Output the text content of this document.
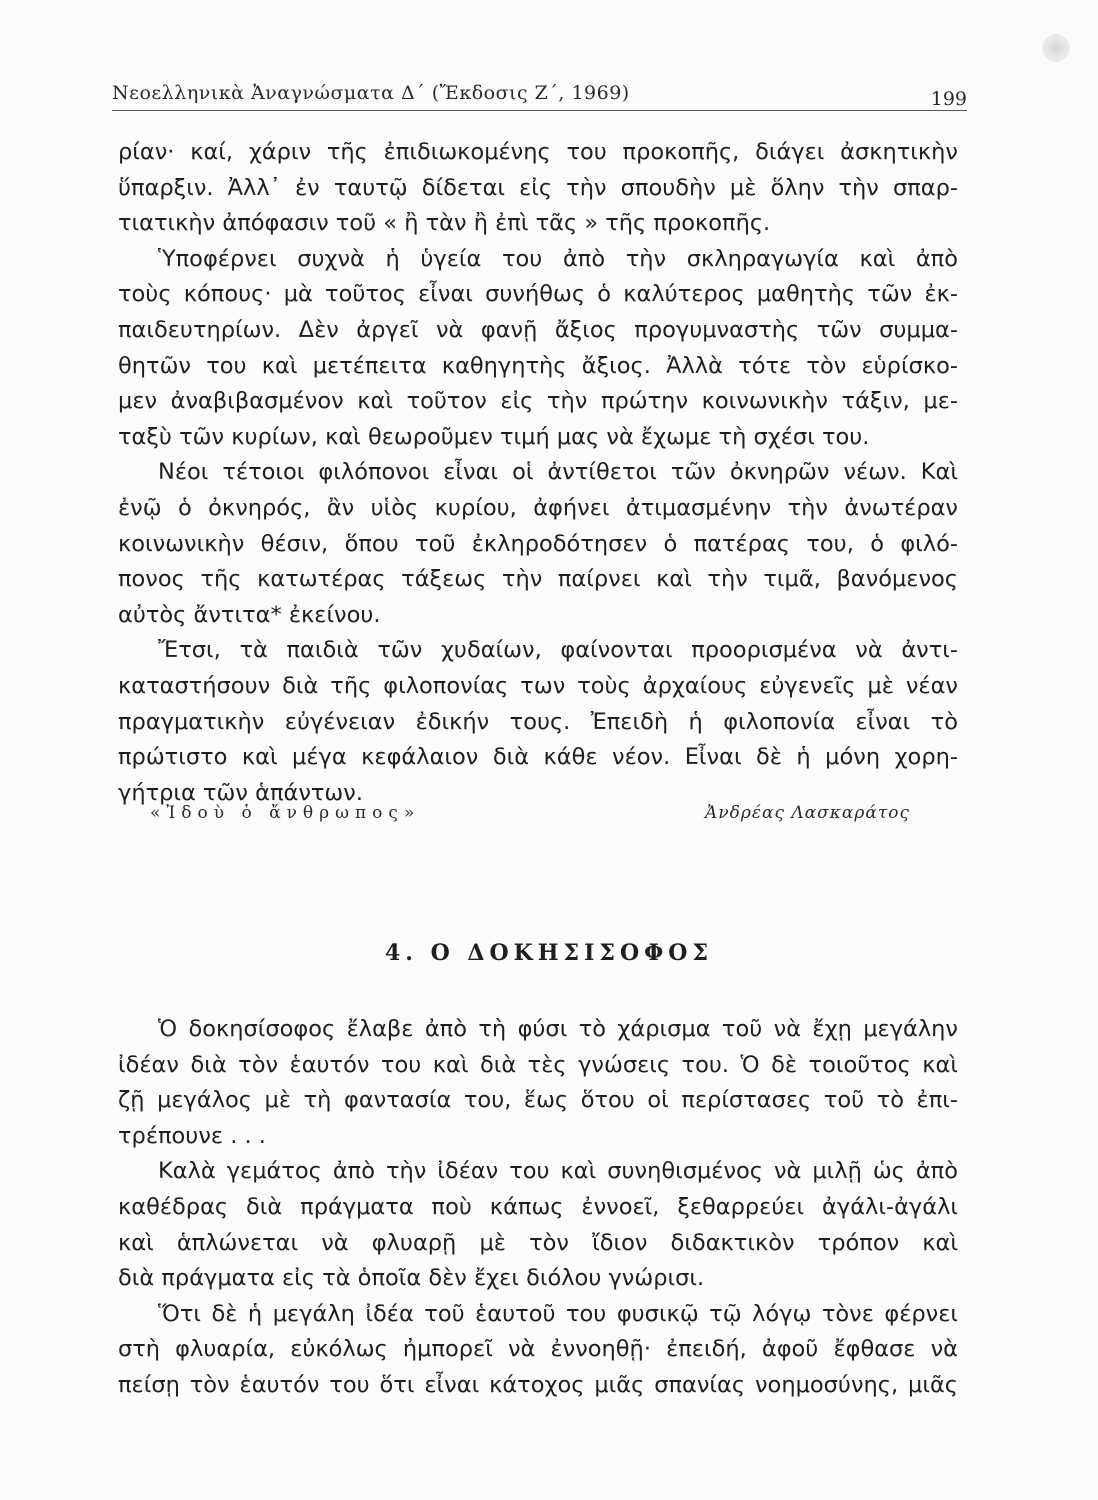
Νεοελληνικὰ Ἀναγνώσματα Δ΄ (Ἔκδοσις Ζ΄, 1969)	199
ρίαν· καί, χάριν τῆς ἐπιδιωκομένης του προκοπῆς, διάγει ἀσκητικὴν
ὕπαρξιν. Ἀλλ᾽ ἐν ταυτῷ δίδεται εἰς τὴν σπουδὴν μὲ ὅλην τὴν σπαρ-
τιατικὴν ἀπόφασιν τοῦ « ἢ τὰν ἢ ἐπὶ τᾶς » τῆς προκοπῆς.
Ὑποφέρνει συχνὰ ἡ ὑγεία του ἀπὸ τὴν σκληραγωγία καὶ ἀπὸ
τοὺς κόπους· μὰ τοῦτος εἶναι συνήθως ὁ καλύτερος μαθητὴς τῶν ἐκ-
παιδευτηρίων. Δὲν ἀργεῖ νὰ φανῇ ἄξιος προγυμναστὴς τῶν συμμα-
θητῶν του καὶ μετέπειτα καθηγητὴς ἄξιος. Ἀλλὰ τότε τὸν εὑρίσκο-
μεν ἀναβιβασμένον καὶ τοῦτον εἰς τὴν πρώτην κοινωνικὴν τάξιν, με-
ταξὺ τῶν κυρίων, καὶ θεωροῦμεν τιμή μας νὰ ἔχωμε τὴ σχέσι του.
Νέοι τέτοιοι φιλόπονοι εἶναι οἱ ἀντίθετοι τῶν ὀκνηρῶν νέων. Καὶ
ἐνῷ ὁ ὀκνηρός, ἂν υἱὸς κυρίου, ἀφήνει ἀτιμασμένην τὴν ἀνωτέραν
κοινωνικὴν θέσιν, ὅπου τοῦ ἐκληροδότησεν ὁ πατέρας του, ὁ φιλό-
πονος τῆς κατωτέρας τάξεως τὴν παίρνει καὶ τὴν τιμᾶ, βανόμενος
αὐτὸς ἄντιτα* ἐκείνου.
Ἔτσι, τὰ παιδιὰ τῶν χυδαίων, φαίνονται προορισμένα νὰ ἀντι-
καταστήσουν διὰ τῆς φιλοπονίας των τοὺς ἀρχαίους εὐγενεῖς μὲ νέαν
πραγματικὴν εὐγένειαν ἐδικήν τους. Ἐπειδὴ ἡ φιλοπονία εἶναι τὸ
πρώτιστο καὶ μέγα κεφάλαιον διὰ κάθε νέον. Εἶναι δὲ ἡ μόνη χορη-
γήτρια τῶν ἁπάντων.
«Ἰδοὺ ὁ ἄνθρωπος»	Ἀνδρέας Λασκαράτος
4. Ο ΔΟΚΗΣΙΣΟΦΟΣ
Ὁ δοκησίσοφος ἔλαβε ἀπὸ τὴ φύσι τὸ χάρισμα τοῦ νὰ ἔχῃ μεγάλην
ἰδέαν διὰ τὸν ἑαυτόν του καὶ διὰ τὲς γνώσεις του. Ὁ δὲ τοιοῦτος καὶ
ζῇ μεγάλος μὲ τὴ φαντασία του, ἕως ὅτου οἱ περίστασες τοῦ τὸ ἐπι-
τρέπουνε . . .
Καλὰ γεμάτος ἀπὸ τὴν ἰδέαν του καὶ συνηθισμένος νὰ μιλῇ ὡς ἀπὸ
καθέδρας διὰ πράγματα ποὺ κάπως ἐννοεῖ, ξεθαρρεύει ἀγάλι-ἀγάλι
καὶ ἁπλώνεται νὰ φλυαρῇ μὲ τὸν ἴδιον διδακτικὸν τρόπον καὶ
διὰ πράγματα εἰς τὰ ὁποῖα δὲν ἔχει διόλου γνώρισι.
Ὅτι δὲ ἡ μεγάλη ἰδέα τοῦ ἑαυτοῦ του φυσικῷ τῷ λόγῳ τὸνε φέρνει
στὴ φλυαρία, εὐκόλως ἠμπορεῖ νὰ ἐννοηθῇ· ἐπειδή, ἀφοῦ ἔφθασε νὰ
πείσῃ τὸν ἑαυτόν του ὅτι εἶναι κάτοχος μιᾶς σπανίας νοημοσύνης, μιᾶς
